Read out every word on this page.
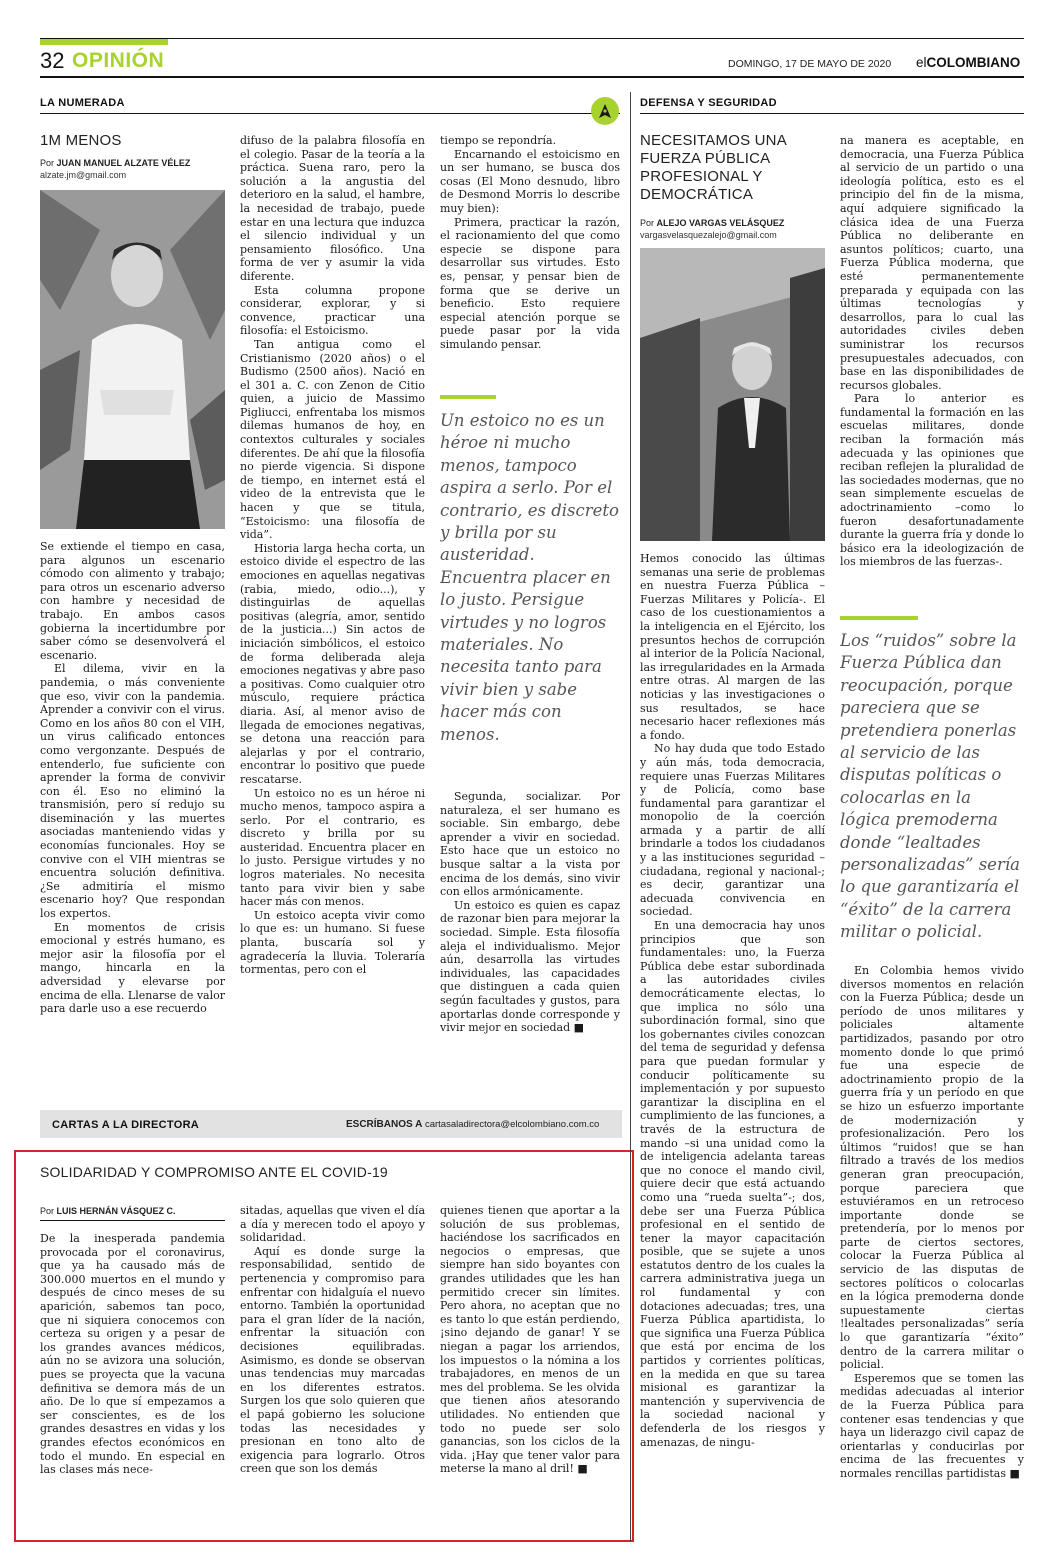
32 OPINIÓN	DOMINGO, 17 DE MAYO DE 2020 elCOLOMBIANO
LA NUMERADA
1M MENOS
Por JUAN MANUEL ALZATE VÉLEZ
alzate.jm@gmail.com

Se extiende el tiempo en casa, para algunos un escenario cómodo con alimento y trabajo; para otros un escenario adverso con hambre y necesidad de trabajo. En ambos casos gobierna la incertidumbre por saber cómo se desenvolverá el escenario.

El dilema, vivir en la pandemia, o más conveniente que eso, vivir con la pandemia. Aprender a convivir con el virus. Como en los años 80 con el VIH, un virus calificado entonces como vergonzante. Después de entenderlo, fue suficiente con aprender la forma de convivir con él. Eso no eliminó la transmisión, pero sí redujo su diseminación y las muertes asociadas manteniendo vidas y economías funcionales. Hoy se convive con el VIH mientras se encuentra solución definitiva. ¿Se admitiría el mismo escenario hoy? Que respondan los expertos.

En momentos de crisis emocional y estrés humano, es mejor asir la filosofía por el mango, hincarla en la adversidad y elevarse por encima de ella. Llenarse de valor para darle uso a ese recuerdo

difuso de la palabra filosofía en el colegio. Pasar de la teoría a la práctica. Suena raro, pero la solución a la angustia del deterioro en la salud, el hambre, la necesidad de trabajo, puede estar en una lectura que induzca el silencio individual y un pensamiento filosófico. Una forma de ver y asumir la vida diferente.

Esta columna propone considerar, explorar, y si convence, practicar una filosofía: el Estoicismo.

Tan antigua como el Cristianismo (2020 años) o el Budismo (2500 años). Nació en el 301 a. C. con Zenon de Citio quien, a juicio de Massimo Pigliucci, enfrentaba los mismos dilemas humanos de hoy, en contextos culturales y sociales diferentes. De ahí que la filosofía no pierde vigencia. Si dispone de tiempo, en internet está el video de la entrevista que le hacen y que se titula, “Estoicismo: una filosofía de vida”.

Historia larga hecha corta, un estoico divide el espectro de las emociones en aquellas negativas (rabia, miedo, odio...), y distinguirlas de aquellas positivas (alegría, amor, sentido de la justicia...) Sin actos de iniciación simbólicos, el estoico de forma deliberada aleja emociones negativas y abre paso a positivas. Como cualquier otro músculo, requiere práctica diaria. Así, al menor aviso de llegada de emociones negativas, se detona una reacción para alejarlas y por el contrario, encontrar lo positivo que puede rescatarse.

Un estoico no es un héroe ni mucho menos, tampoco aspira a serlo. Por el contrario, es discreto y brilla por su austeridad. Encuentra placer en lo justo. Persigue virtudes y no logros materiales. No necesita tanto para vivir bien y sabe hacer más con menos.

Un estoico acepta vivir como lo que es: un humano. Si fuese planta, buscaría sol y agradecería la lluvia. Toleraría tormentas, pero con el

tiempo se repondría.

Encarnando el estoicismo en un ser humano, se busca dos cosas (El Mono desnudo, libro de Desmond Morris lo describe muy bien):

Primera, practicar la razón, el racionamiento del que como especie se dispone para desarrollar sus virtudes. Esto es, pensar, y pensar bien de forma que se derive un beneficio. Esto requiere especial atención porque se puede pasar por la vida simulando pensar.

Un estoico no es un héroe ni mucho menos, tampoco aspira a serlo. Por el contrario, es discreto y brilla por su austeridad. Encuentra placer en lo justo. Persigue virtudes y no logros materiales. No necesita tanto para vivir bien y sabe hacer más con menos.

Segunda, socializar. Por naturaleza, el ser humano es sociable. Sin embargo, debe aprender a vivir en sociedad. Esto hace que un estoico no busque saltar a la vista por encima de los demás, sino vivir con ellos armónicamente.

Un estoico es quien es capaz de razonar bien para mejorar la sociedad. Simple. Esta filosofía aleja el individualismo. Mejor aún, desarrolla las virtudes individuales, las capacidades que distinguen a cada quien según facultades y gustos, para aportarlas donde corresponde y vivir mejor en sociedad ■

CARTAS A LA DIRECTORA	ESCRÍBANOS A cartasaladirectora@elcolombiano.com.co
SOLIDARIDAD Y COMPROMISO ANTE EL COVID-19
Por LUIS HERNÁN VÁSQUEZ C.

De la inesperada pandemia provocada por el coronavirus, que ya ha causado más de 300.000 muertos en el mundo y después de cinco meses de su aparición, sabemos tan poco, que ni siquiera conocemos con certeza su origen y a pesar de los grandes avances médicos, aún no se avizora una solución, pues se proyecta que la vacuna definitiva se demora más de un año. De lo que sí empezamos a ser conscientes, es de los grandes desastres en vidas y los grandes efectos económicos en todo el mundo. En especial en las clases más nece-

sitadas, aquellas que viven el día a día y merecen todo el apoyo y solidaridad.

Aquí es donde surge la responsabilidad, sentido de pertenencia y compromiso para enfrentar con hidalguía el nuevo entorno. También la oportunidad para el gran líder de la nación, enfrentar la situación con decisiones equilibradas. Asimismo, es donde se observan unas tendencias muy marcadas en los diferentes estratos. Surgen los que solo quieren que el papá gobierno les solucione todas las necesidades y presionan en tono alto de exigencia para lograrlo. Otros creen que son los demás

quienes tienen que aportar a la solución de sus problemas, haciéndose los sacrificados en negocios o empresas, que siempre han sido boyantes con grandes utilidades que les han permitido crecer sin límites. Pero ahora, no aceptan que no es tanto lo que están perdiendo, ¡sino dejando de ganar! Y se niegan a pagar los arriendos, los impuestos o la nómina a los trabajadores, en menos de un mes del problema. Se les olvida que tienen años atesorando utilidades. No entienden que todo no puede ser solo ganancias, son los ciclos de la vida. ¡Hay que tener valor para meterse la mano al dril! ■

DEFENSA Y SEGURIDAD
NECESITAMOS UNA FUERZA PÚBLICA PROFESIONAL Y DEMOCRÁTICA
Por ALEJO VARGAS VELÁSQUEZ
vargasvelasquezalejo@gmail.com

Hemos conocido las últimas semanas una serie de problemas en nuestra Fuerza Pública –Fuerzas Militares y Policía-. El caso de los cuestionamientos a la inteligencia en el Ejército, los presuntos hechos de corrupción al interior de la Policía Nacional, las irregularidades en la Armada entre otras. Al margen de las noticias y las investigaciones o sus resultados, se hace necesario hacer reflexiones más a fondo.

No hay duda que todo Estado y aún más, toda democracia, requiere unas Fuerzas Militares y de Policía, como base fundamental para garantizar el monopolio de la coerción armada y a partir de allí brindarle a todos los ciudadanos y a las instituciones seguridad –ciudadana, regional y nacional-; es decir, garantizar una adecuada convivencia en sociedad.

En una democracia hay unos principios que son fundamentales: uno, la Fuerza Pública debe estar subordinada a las autoridades civiles democráticamente electas, lo que implica no sólo una subordinación formal, sino que los gobernantes civiles conozcan del tema de seguridad y defensa para que puedan formular y conducir políticamente su implementación y por supuesto garantizar la disciplina en el cumplimiento de las funciones, a través de la estructura de mando –si una unidad como la de inteligencia adelanta tareas que no conoce el mando civil, quiere decir que está actuando como una “rueda suelta”-; dos, debe ser una Fuerza Pública profesional en el sentido de tener la mayor capacitación posible, que se sujete a unos estatutos dentro de los cuales la carrera administrativa juega un rol fundamental y con dotaciones adecuadas; tres, una Fuerza Pública apartidista, lo que significa una Fuerza Pública que está por encima de los partidos y corrientes políticas, en la medida en que su tarea misional es garantizar la mantención y supervivencia de la sociedad nacional y defenderla de los riesgos y amenazas, de ningu-

na manera es aceptable, en democracia, una Fuerza Pública al servicio de un partido o una ideología política, esto es el principio del fin de la misma, aquí adquiere significado la clásica idea de una Fuerza Pública no deliberante en asuntos políticos; cuarto, una Fuerza Pública moderna, que esté permanentemente preparada y equipada con las últimas tecnologías y desarrollos, para lo cual las autoridades civiles deben suministrar los recursos presupuestales adecuados, con base en las disponibilidades de recursos globales.

Para lo anterior es fundamental la formación en las escuelas militares, donde reciban la formación más adecuada y las opiniones que reciban reflejen la pluralidad de las sociedades modernas, que no sean simplemente escuelas de adoctrinamiento –como lo fueron desafortunadamente durante la guerra fría y donde lo básico era la ideologización de los miembros de las fuerzas-.

Los “ruidos” sobre la Fuerza Pública dan reocupación, porque pareciera que se pretendiera ponerlas al servicio de las disputas políticas o colocarlas en la lógica premoderna donde “lealtades personalizadas” sería lo que garantizaría el “éxito” de la carrera militar o policial.

En Colombia hemos vivido diversos momentos en relación con la Fuerza Pública; desde un período de unos militares y policiales altamente partidizados, pasando por otro momento donde lo que primó fue una especie de adoctrinamiento propio de la guerra fría y un período en que se hizo un esfuerzo importante de modernización y profesionalización. Pero los últimos “ruidos! que se han filtrado a través de los medios generan gran preocupación, porque pareciera que estuviéramos en un retroceso importante donde se pretendería, por lo menos por parte de ciertos sectores, colocar la Fuerza Pública al servicio de las disputas de sectores políticos o colocarlas en la lógica premoderna donde supuestamente ciertas !lealtades personalizadas” sería lo que garantizaría “éxito” dentro de la carrera militar o policial.

Esperemos que se tomen las medidas adecuadas al interior de la Fuerza Pública para contener esas tendencias y que haya un liderazgo civil capaz de orientarlas y conducirlas por encima de las frecuentes y normales rencillas partidistas ■
